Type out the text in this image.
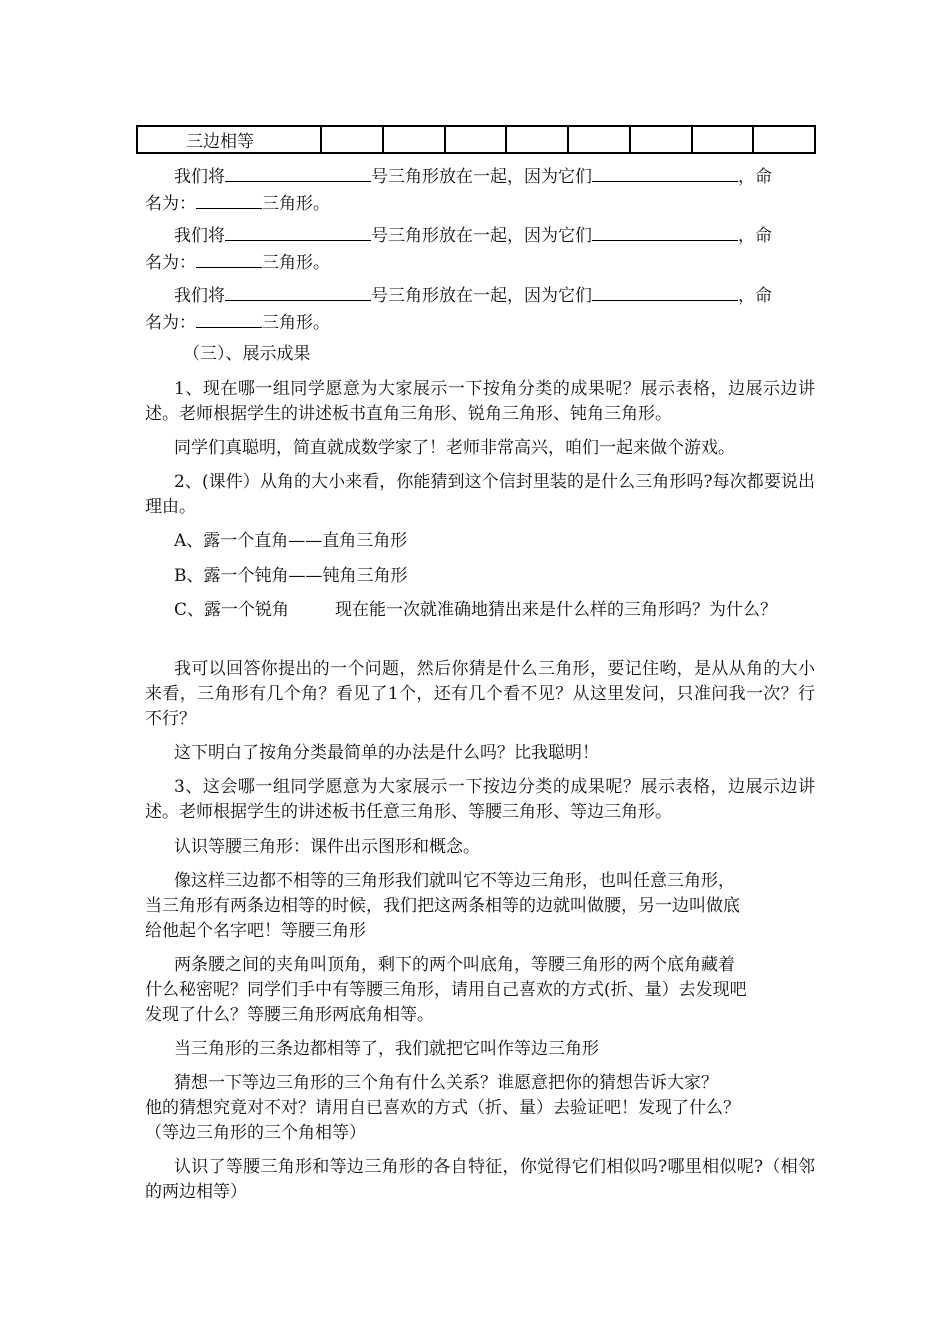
三边相等								

我们将	号三角形放在一起，因为它们	，命
名为：	三角形。

我们将	号三角形放在一起，因为它们	，命
名为：	三角形。

我们将	号三角形放在一起，因为它们	，命
名为：	三角形。

（三）、展示成果

1、现在哪一组同学愿意为大家展示一下按角分类的成果呢？展示表格，边展示边讲述。老师根据学生的讲述板书直角三角形、锐角三角形、钝角三角形。

同学们真聪明，简直就成数学家了！老师非常高兴，咱们一起来做个游戏。

2、(课件）从角的大小来看，你能猜到这个信封里装的是什么三角形吗?每次都要说出理由。

A、露一个直角——直角三角形

B、露一个钝角——钝角三角形

C、露一个锐角	现在能一次就准确地猜出来是什么样的三角形吗？为什么？

我可以回答你提出的一个问题，然后你猜是什么三角形，要记住哟，是从从角的大小来看，三角形有几个角？看见了1个，还有几个看不见？从这里发问，只准问我一次？行不行？

这下明白了按角分类最简单的办法是什么吗？比我聪明！

3、这会哪一组同学愿意为大家展示一下按边分类的成果呢？展示表格，边展示边讲述。老师根据学生的讲述板书任意三角形、等腰三角形、等边三角形。

认识等腰三角形：课件出示图形和概念。

像这样三边都不相等的三角形我们就叫它不等边三角形，也叫任意三角形，
当三角形有两条边相等的时候，我们把这两条相等的边就叫做腰，另一边叫做底
给他起个名字吧！等腰三角形
两条腰之间的夹角叫顶角，剩下的两个叫底角，等腰三角形的两个底角藏着
什么秘密呢？同学们手中有等腰三角形，请用自己喜欢的方式(折、量）去发现吧
发现了什么？等腰三角形两底角相等。

当三角形的三条边都相等了，我们就把它叫作等边三角形

猜想一下等边三角形的三个角有什么关系？谁愿意把你的猜想告诉大家？
他的猜想究竟对不对？请用自已喜欢的方式（折、量）去验证吧！发现了什么？
（等边三角形的三个角相等）

认识了等腰三角形和等边三角形的各自特征，你觉得它们相似吗?哪里相似呢?（相邻的两边相等）
